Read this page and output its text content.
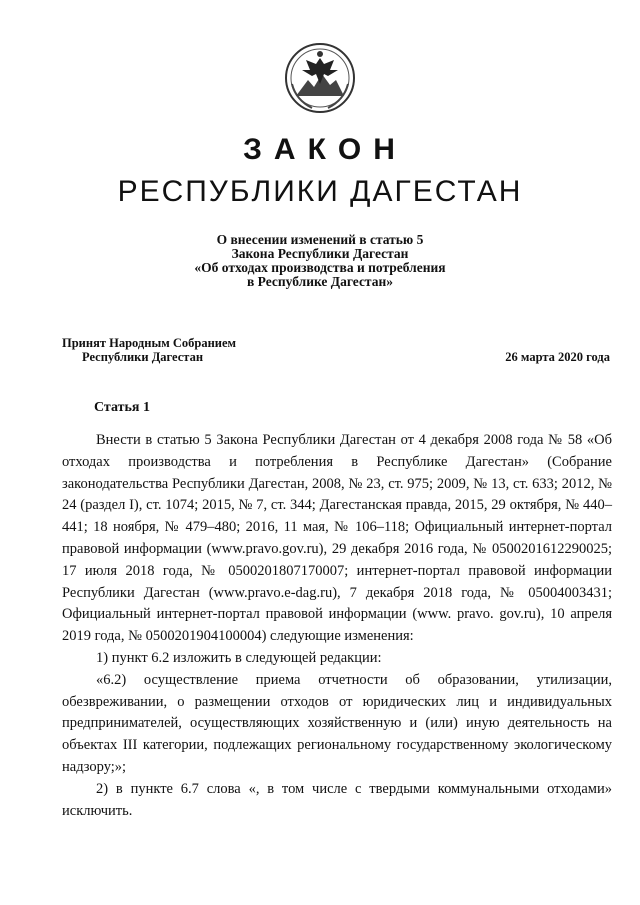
ЗАКОН
РЕСПУБЛИКИ ДАГЕСТАН
О внесении изменений в статью 5
Закона Республики Дагестан
«Об отходах производства и потребления
в Республике Дагестан»
Принят Народным Собранием
Республики Дагестан	26 марта 2020 года
Статья 1

Внести в статью 5 Закона Республики Дагестан от 4 декабря 2008 года № 58 «Об отходах производства и потребления в Республике Дагестан» (Собрание законодательства Республики Дагестан, 2008, № 23, ст. 975; 2009, № 13, ст. 633; 2012, № 24 (раздел I), ст. 1074; 2015, № 7, ст. 344; Дагестанская правда, 2015, 29 октября, № 440–441; 18 ноября, № 479–480; 2016, 11 мая, № 106–118; Официальный интернет-портал правовой информации (www.pravo.gov.ru), 29 декабря 2016 года, № 0500201612290025; 17 июля 2018 года, № 0500201807170007; интернет-портал правовой информации Республики Дагестан (www.pravo.e-dag.ru), 7 декабря 2018 года, № 05004003431; Официальный интернет-портал правовой информации (www. pravo. gov.ru), 10 апреля 2019 года, № 0500201904100004) следующие изменения:

1) пункт 6.2 изложить в следующей редакции:

«6.2) осуществление приема отчетности об образовании, утилизации, обезвреживании, о размещении отходов от юридических лиц и индивидуальных предпринимателей, осуществляющих хозяйственную и (или) иную деятельность на объектах III категории, подлежащих региональному государственному экологическому надзору;»;

2) в пункте 6.7 слова «, в том числе с твердыми коммунальными отходами» исключить.
